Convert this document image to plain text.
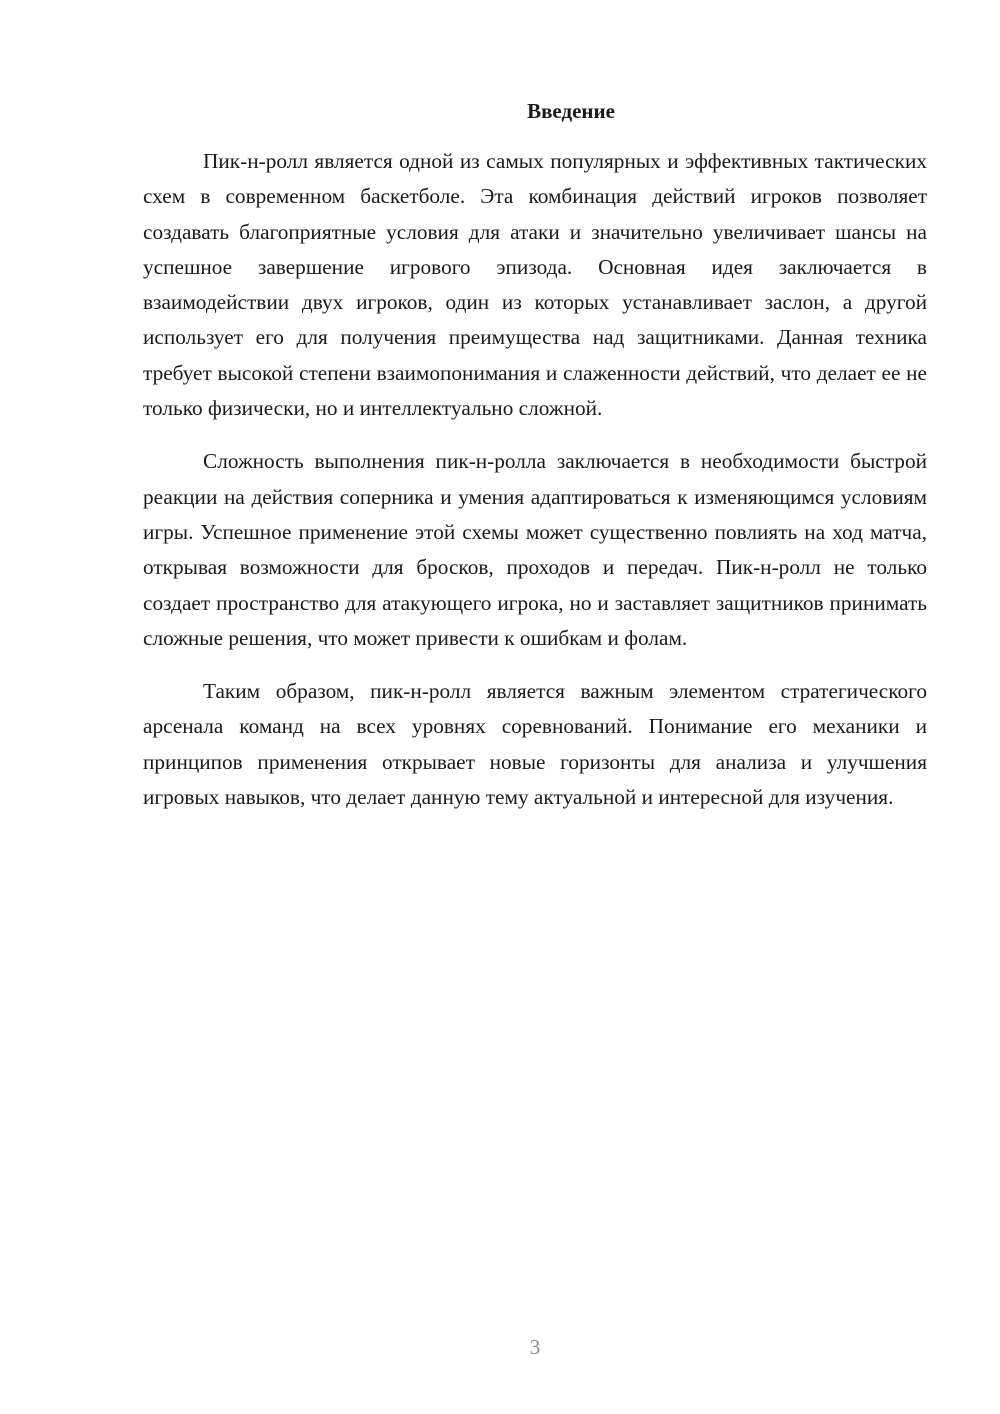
Введение

Пик-н-ролл является одной из самых популярных и эффективных тактических схем в современном баскетболе. Эта комбинация действий игроков позволяет создавать благоприятные условия для атаки и значительно увеличивает шансы на успешное завершение игрового эпизода. Основная идея заключается в взаимодействии двух игроков, один из которых устанавливает заслон, а другой использует его для получения преимущества над защитниками. Данная техника требует высокой степени взаимопонимания и слаженности действий, что делает ее не только физически, но и интеллектуально сложной.

Сложность выполнения пик-н-ролла заключается в необходимости быстрой реакции на действия соперника и умения адаптироваться к изменяющимся условиям игры. Успешное применение этой схемы может существенно повлиять на ход матча, открывая возможности для бросков, проходов и передач. Пик-н-ролл не только создает пространство для атакующего игрока, но и заставляет защитников принимать сложные решения, что может привести к ошибкам и фолам.

Таким образом, пик-н-ролл является важным элементом стратегического арсенала команд на всех уровнях соревнований. Понимание его механики и принципов применения открывает новые горизонты для анализа и улучшения игровых навыков, что делает данную тему актуальной и интересной для изучения.

3
